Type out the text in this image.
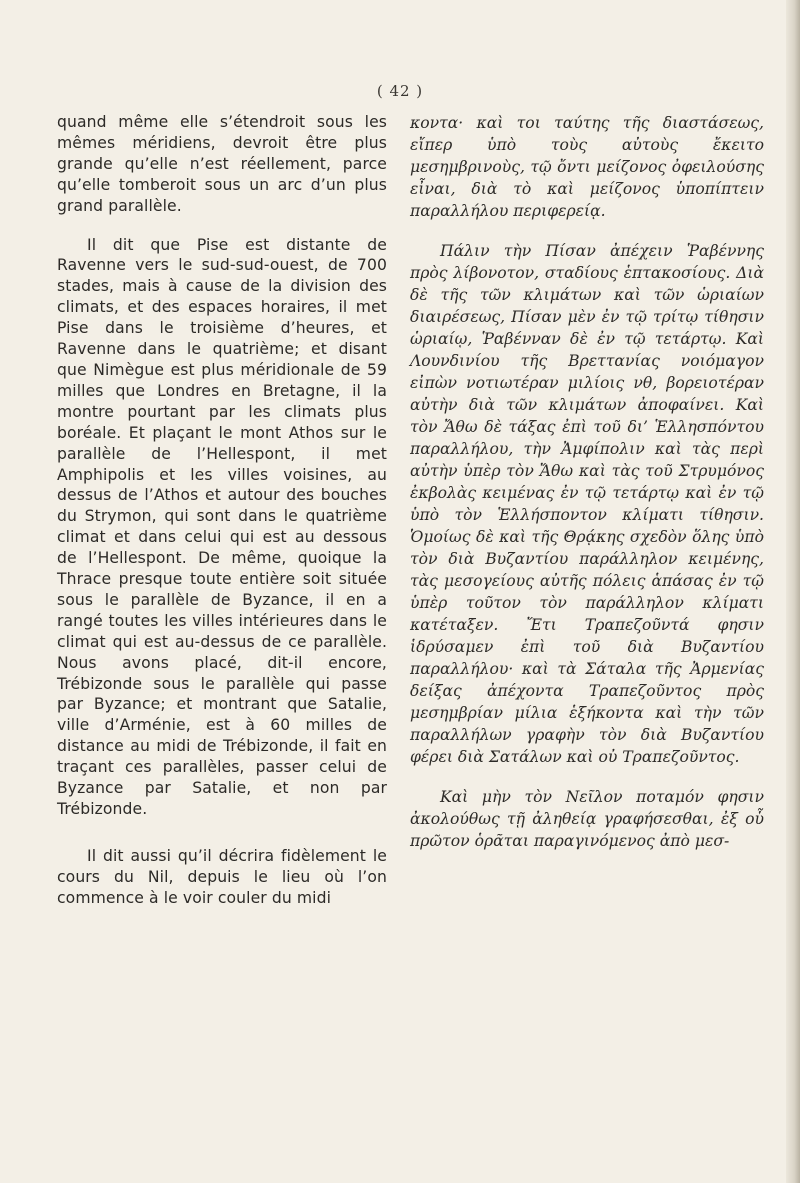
( 42 )

quand même elle s’étendroit sous les mêmes méridiens, devroit être plus grande qu’elle n’est réellement, parce qu’elle tomberoit sous un arc d’un plus grand parallèle.

Il dit que Pise est distante de Ravenne vers le sud-sud-ouest, de 700 stades, mais à cause de la division des climats, et des espaces horaires, il met Pise dans le troisième d’heures, et Ravenne dans le quatrième; et disant que Nimègue est plus méridionale de 59 milles que Londres en Bretagne, il la montre pourtant par les climats plus boréale. Et plaçant le mont Athos sur le parallèle de l’Hellespont, il met Amphipolis et les villes voisines, au dessus de l’Athos et autour des bouches du Strymon, qui sont dans le quatrième climat et dans celui qui est au dessous de l’Hellespont. De même, quoique la Thrace presque toute entière soit située sous le parallèle de Byzance, il en a rangé toutes les villes intérieures dans le climat qui est au-dessus de ce parallèle. Nous avons placé, dit-il encore, Trébizonde sous le parallèle qui passe par Byzance; et montrant que Satalie, ville d’Arménie, est à 60 milles de distance au midi de Trébizonde, il fait en traçant ces parallèles, passer celui de Byzance par Satalie, et non par Trébizonde.

Il dit aussi qu’il décrira fidèlement le cours du Nil, depuis le lieu où l’on commence à le voir couler du midi

κοντα· καὶ τοι ταύτης τῆς διαστάσεως, εἴπερ ὑπὸ τοὺς αὐτοὺς ἔκειτο μεσημβρινοὺς, τῷ ὄντι μείζονος ὀφειλούσης εἶναι, διὰ τὸ καὶ μείζονος ὑποπίπτειν παραλλήλου περιφερείᾳ.

Πάλιν τὴν Πίσαν ἀπέχειν Ῥαβέννης πρὸς λίβονοτον, σταδίους ἑπτακοσίους. Διὰ δὲ τῆς τῶν κλιμάτων καὶ τῶν ὡριαίων διαιρέσεως, Πίσαν μὲν ἐν τῷ τρίτῳ τίθησιν ὡριαίῳ, Ῥαβένναν δὲ ἐν τῷ τετάρτῳ. Καὶ Λουνδινίου τῆς Βρεττανίας νοιόμαγον εἰπὼν νοτιωτέραν μιλίοις νθ, βορειοτέραν αὐτὴν διὰ τῶν κλιμάτων ἀποφαίνει. Καὶ τὸν Ἄθω δὲ τάξας ἐπὶ τοῦ δι’ Ἑλλησπόντου παραλλήλου, τὴν Ἀμφίπολιν καὶ τὰς περὶ αὐτὴν ὑπὲρ τὸν Ἄθω καὶ τὰς τοῦ Στρυμόνος ἐκβολὰς κειμένας ἐν τῷ τετάρτῳ καὶ ἐν τῷ ὑπὸ τὸν Ἑλλήσποντον κλίματι τίθησιν. Ὁμοίως δὲ καὶ τῆς Θρᾴκης σχεδὸν ὅλης ὑπὸ τὸν διὰ Βυζαντίου παράλληλον κειμένης, τὰς μεσογείους αὐτῆς πόλεις ἁπάσας ἐν τῷ ὑπὲρ τοῦτον τὸν παράλληλον κλίματι κατέταξεν. Ἔτι Τραπεζοῦντά φησιν ἱδρύσαμεν ἐπὶ τοῦ διὰ Βυζαντίου παραλλήλου· καὶ τὰ Σάταλα τῆς Ἀρμενίας δείξας ἀπέχοντα Τραπεζοῦντος πρὸς μεσημβρίαν μίλια ἑξήκοντα καὶ τὴν τῶν παραλλήλων γραφὴν τὸν διὰ Βυζαντίου φέρει διὰ Σατάλων καὶ οὐ Τραπεζοῦντος.

Καὶ μὴν τὸν Νεῖλον ποταμόν φησιν ἀκολούθως τῇ ἀληθείᾳ γραφήσεσθαι, ἐξ οὗ πρῶτον ὁρᾶται παραγινόμενος ἀπὸ μεσ-
